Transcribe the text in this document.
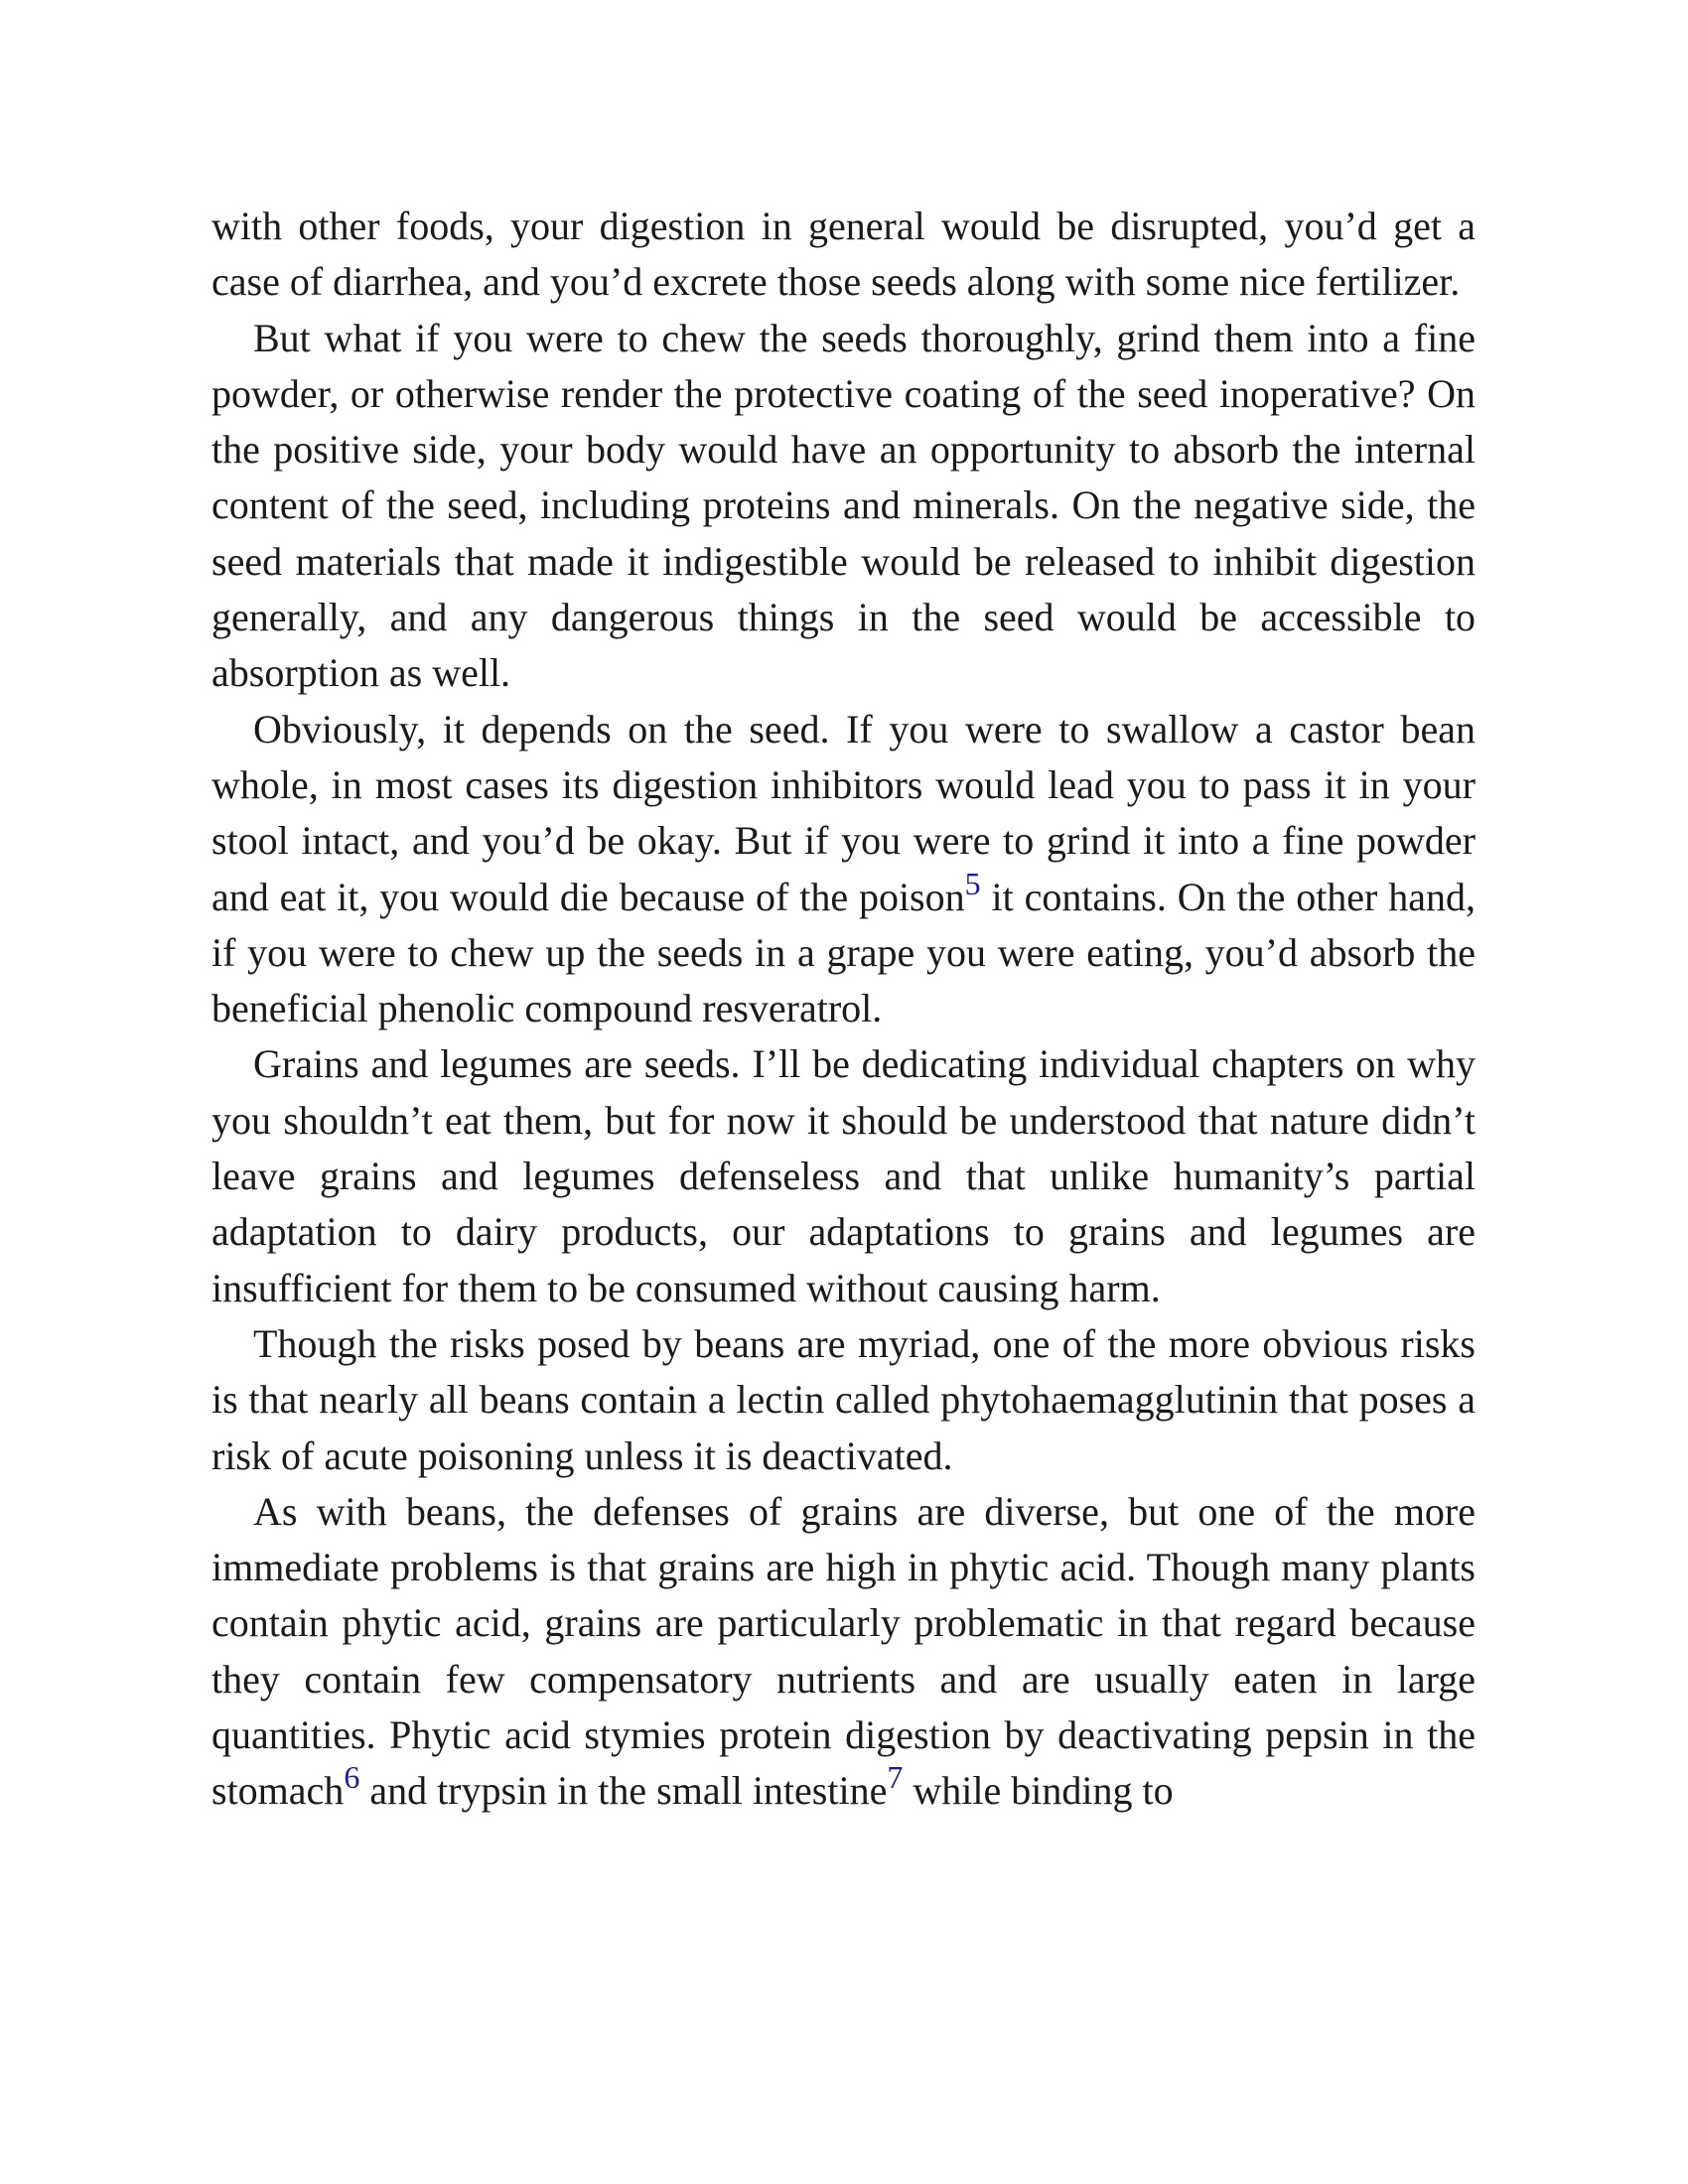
with other foods, your digestion in general would be disrupted, you’d get a case of diarrhea, and you’d excrete those seeds along with some nice fertilizer.

But what if you were to chew the seeds thoroughly, grind them into a fine powder, or otherwise render the protective coating of the seed inoperative? On the positive side, your body would have an opportunity to absorb the internal content of the seed, including proteins and minerals. On the negative side, the seed materials that made it indigestible would be released to inhibit digestion generally, and any dangerous things in the seed would be accessible to absorption as well.

Obviously, it depends on the seed. If you were to swallow a castor bean whole, in most cases its digestion inhibitors would lead you to pass it in your stool intact, and you’d be okay. But if you were to grind it into a fine powder and eat it, you would die because of the poison$^5$ it contains. On the other hand, if you were to chew up the seeds in a grape you were eating, you’d absorb the beneficial phenolic compound resveratrol.

Grains and legumes are seeds. I’ll be dedicating individual chapters on why you shouldn’t eat them, but for now it should be understood that nature didn’t leave grains and legumes defenseless and that unlike humanity’s partial adaptation to dairy products, our adaptations to grains and legumes are insufficient for them to be consumed without causing harm.

Though the risks posed by beans are myriad, one of the more obvious risks is that nearly all beans contain a lectin called phytohaemagglutinin that poses a risk of acute poisoning unless it is deactivated.

As with beans, the defenses of grains are diverse, but one of the more immediate problems is that grains are high in phytic acid. Though many plants contain phytic acid, grains are particularly problematic in that regard because they contain few compensatory nutrients and are usually eaten in large quantities. Phytic acid stymies protein digestion by deactivating pepsin in the stomach$^6$ and trypsin in the small intestine$^7$ while binding to
